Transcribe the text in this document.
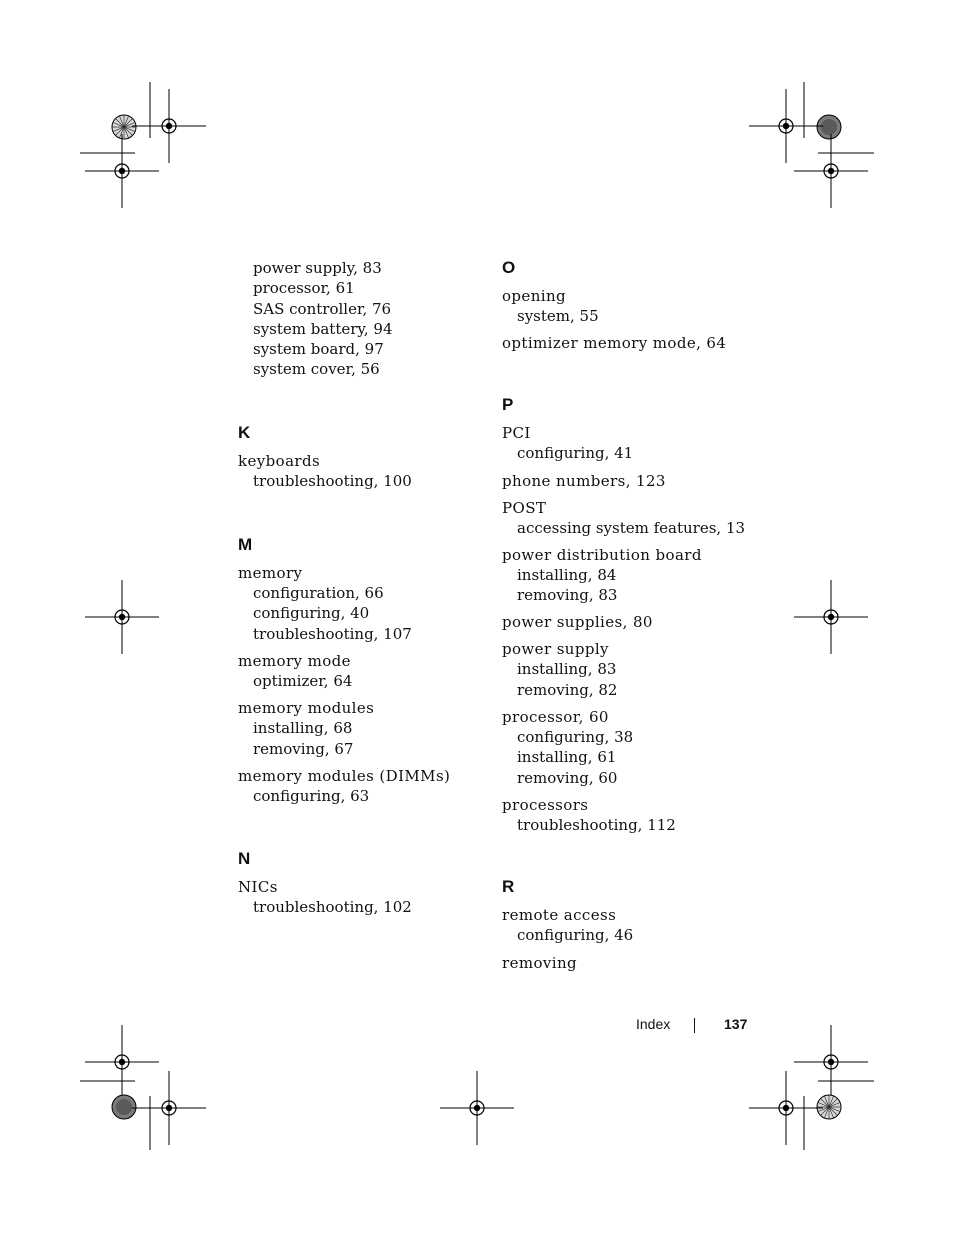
power supply, 83
processor, 61
SAS controller, 76
system battery, 94
system board, 97
system cover, 56
K
keyboards
troubleshooting, 100
M
memory
configuration, 66
configuring, 40
troubleshooting, 107
memory mode
optimizer, 64
memory modules
installing, 68
removing, 67
memory modules (DIMMs)
configuring, 63
N
NICs
troubleshooting, 102
O
opening
system, 55
optimizer memory mode, 64
P
PCI
configuring, 41
phone numbers, 123
POST
accessing system features, 13
power distribution board
installing, 84
removing, 83
power supplies, 80
power supply
installing, 83
removing, 82
processor, 60
configuring, 38
installing, 61
removing, 60
processors
troubleshooting, 112
R
remote access
configuring, 46
removing
Index	137
